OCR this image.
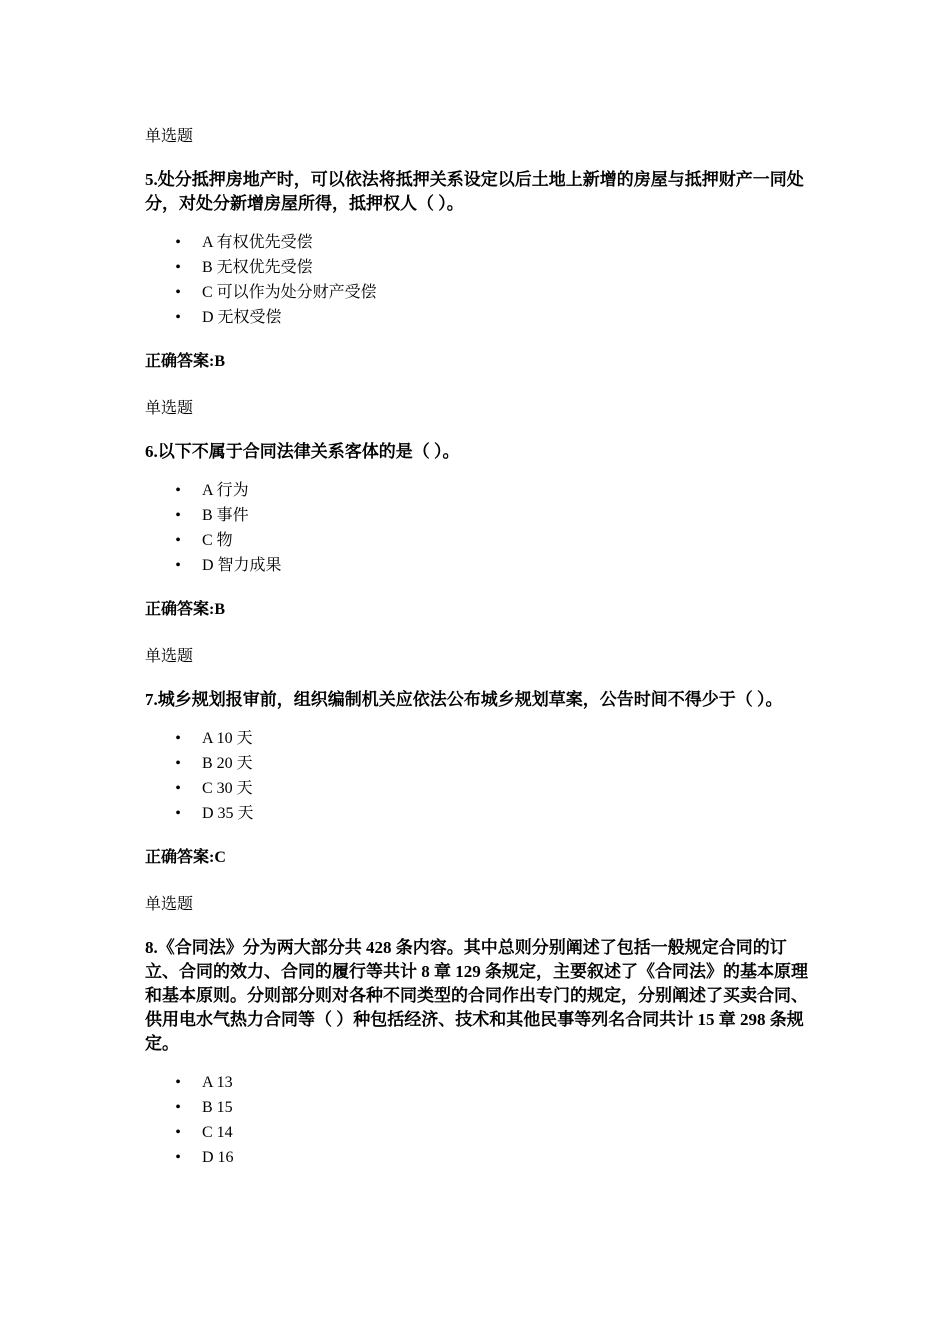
单选题
5.处分抵押房地产时，可以依法将抵押关系设定以后土地上新增的房屋与抵押财产一同处分，对处分新增房屋所得，抵押权人（ ）。
• A 有权优先受偿
• B 无权优先受偿
• C 可以作为处分财产受偿
• D 无权受偿
正确答案:B
单选题
6.以下不属于合同法律关系客体的是（ ）。
• A 行为
• B 事件
• C 物
• D 智力成果
正确答案:B
单选题
7.城乡规划报审前，组织编制机关应依法公布城乡规划草案，公告时间不得少于（ ）。
• A 10 天
• B 20 天
• C 30 天
• D 35 天
正确答案:C
单选题
8.《合同法》分为两大部分共 428 条内容。其中总则分别阐述了包括一般规定合同的订立、合同的效力、合同的履行等共计 8 章 129 条规定，主要叙述了《合同法》的基本原理和基本原则。分则部分则对各种不同类型的合同作出专门的规定，分别阐述了买卖合同、供用电水气热力合同等（ ）种包括经济、技术和其他民事等列名合同共计 15 章 298 条规定。
• A 13
• B 15
• C 14
• D 16
